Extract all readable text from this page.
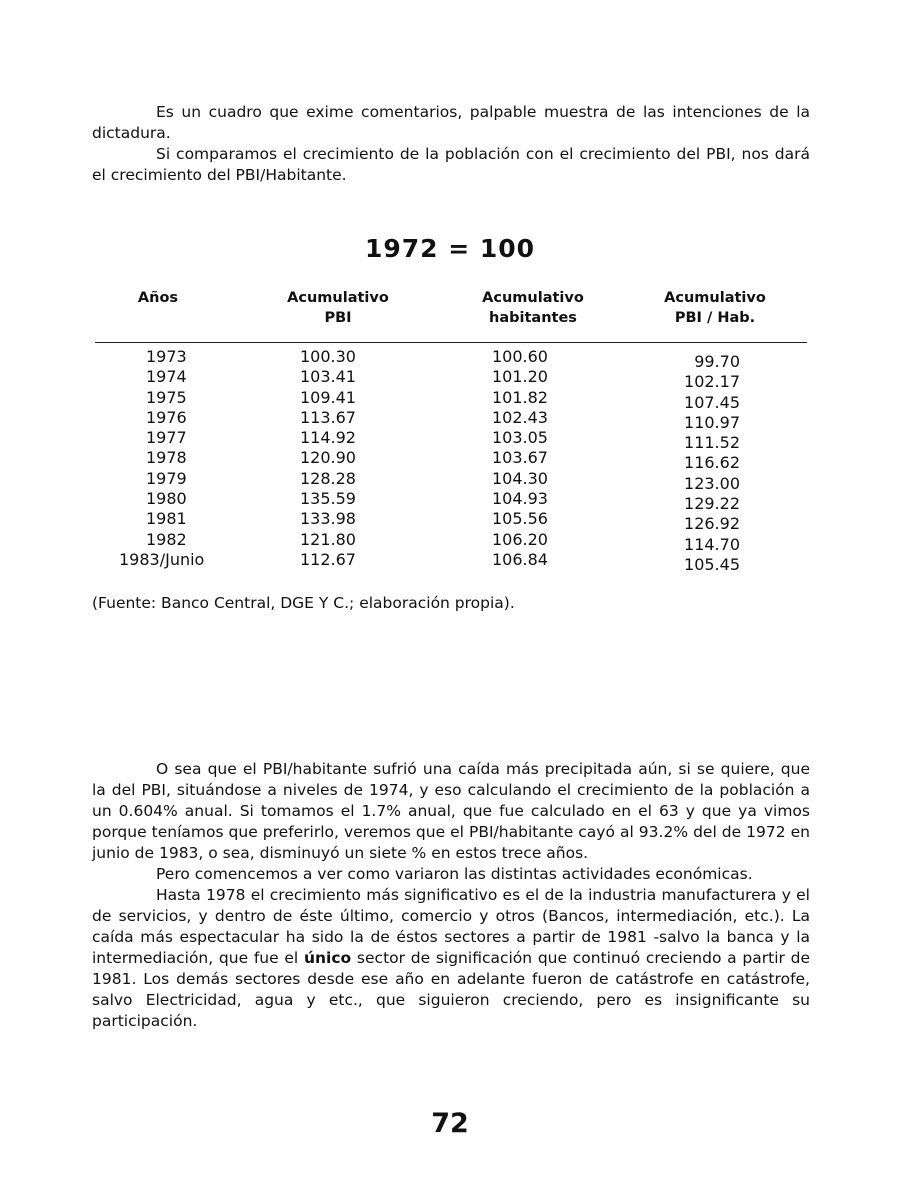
Es un cuadro que exime comentarios, palpable muestra de las intenciones de la dictadura.

Si comparamos el crecimiento de la población con el crecimiento del PBI, nos dará el crecimiento del PBI/Habitante.

1972 = 100
Años	Acumulativo
PBI
Acumulativo
habitantes
Acumulativo
PBI / Hab.
1973
1974
1975
1976
1977
1978
1979
1980
1981
1982
1983/Junio
100.30
103.41
109.41
113.67
114.92
120.90
128.28
135.59
133.98
121.80
112.67
100.60
101.20
101.82
102.43
103.05
103.67
104.30
104.93
105.56
106.20
106.84
99.70
102.17
107.45
110.97
111.52
116.62
123.00
129.22
126.92
114.70
105.45
(Fuente: Banco Central, DGE Y C.; elaboración propia).

O sea que el PBI/habitante sufrió una caída más precipitada aún, si se quiere, que la del PBI, situándose a niveles de 1974, y eso calculando el crecimiento de la población a un 0.604% anual. Si tomamos el 1.7% anual, que fue calculado en el 63 y que ya vimos porque teníamos que preferirlo, veremos que el PBI/habitante cayó al 93.2% del de 1972 en junio de 1983, o sea, disminuyó un siete % en estos trece años.

Pero comencemos a ver como variaron las distintas actividades económicas.

Hasta 1978 el crecimiento más significativo es el de la industria manufacturera y el de servicios, y dentro de éste último, comercio y otros (Bancos, intermediación, etc.). La caída más espectacular ha sido la de éstos sectores a partir de 1981 -salvo la banca y la intermediación, que fue el único sector de significación que continuó creciendo a partir de 1981. Los demás sectores desde ese año en adelante fueron de catástrofe en catástrofe, salvo Electricidad, agua y etc., que siguieron creciendo, pero es insignificante su participación.

72
